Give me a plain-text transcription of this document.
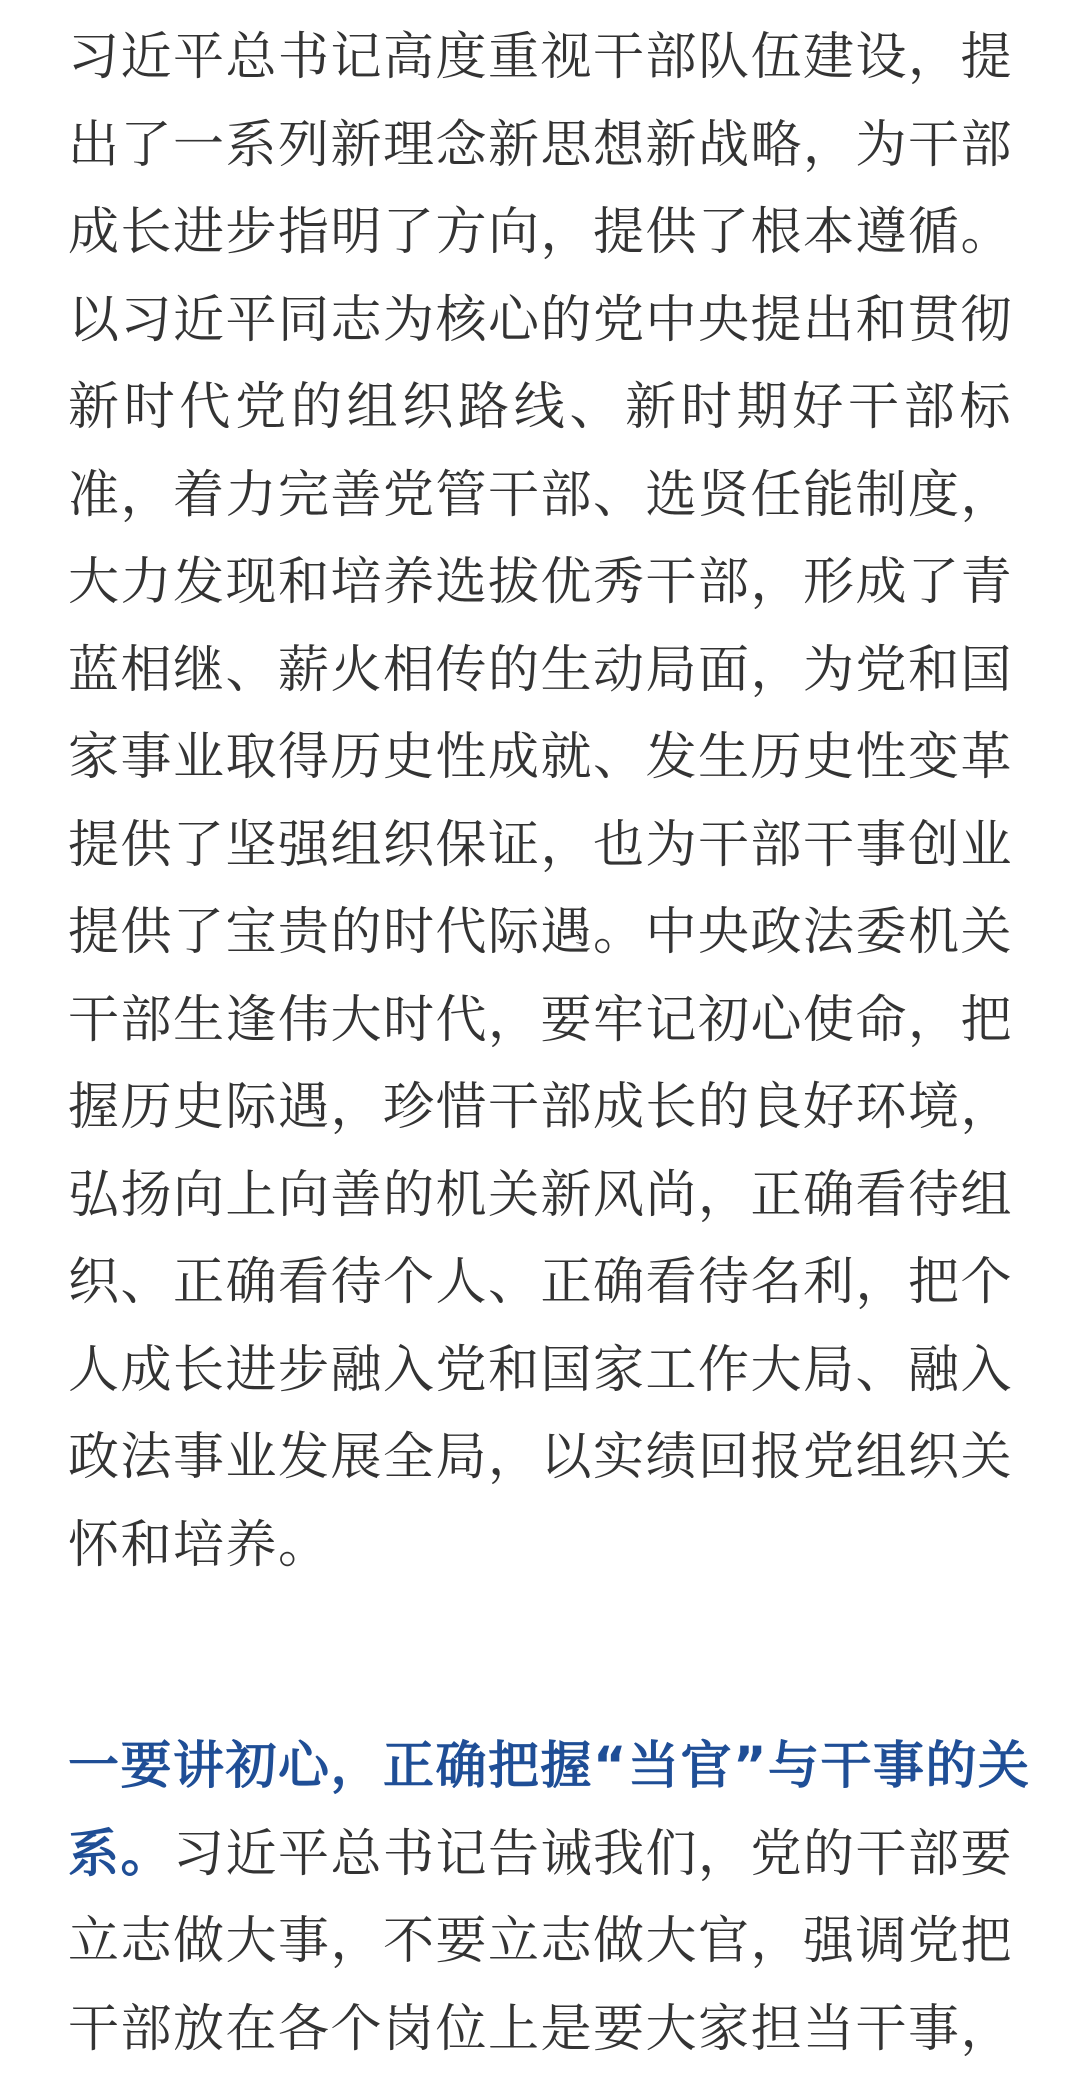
习近平总书记高度重视干部队伍建设，提
出了一系列新理念新思想新战略，为干部
成长进步指明了方向，提供了根本遵循。
以习近平同志为核心的党中央提出和贯彻
新时代党的组织路线、新时期好干部标
准，着力完善党管干部、选贤任能制度，
大力发现和培养选拔优秀干部，形成了青
蓝相继、薪火相传的生动局面，为党和国
家事业取得历史性成就、发生历史性变革
提供了坚强组织保证，也为干部干事创业
提供了宝贵的时代际遇。中央政法委机关
干部生逢伟大时代，要牢记初心使命，把
握历史际遇，珍惜干部成长的良好环境，
弘扬向上向善的机关新风尚，正确看待组
织、正确看待个人、正确看待名利，把个
人成长进步融入党和国家工作大局、融入
政法事业发展全局，以实绩回报党组织关
怀和培养。
一要讲初心，正确把握“当官”与干事的关
系。习近平总书记告诫我们，党的干部要
立志做大事，不要立志做大官，强调党把
干部放在各个岗位上是要大家担当干事，
